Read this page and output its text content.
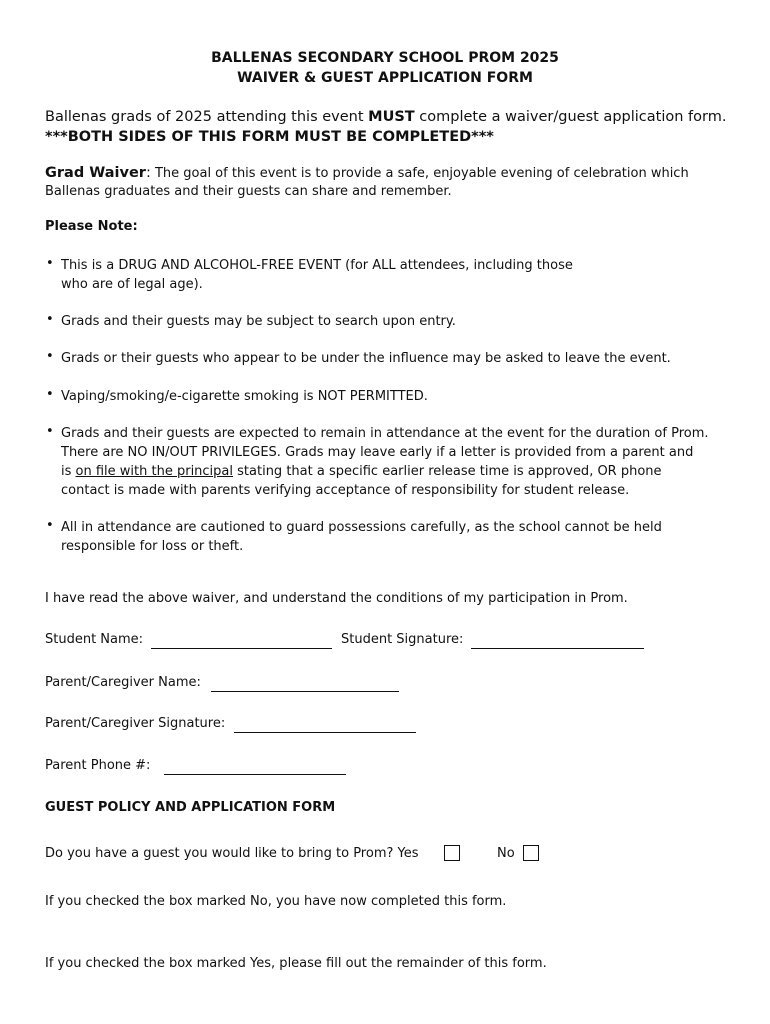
BALLENAS SECONDARY SCHOOL PROM 2025
WAIVER & GUEST APPLICATION FORM
Ballenas grads of 2025 attending this event MUST complete a waiver/guest application form.
***BOTH SIDES OF THIS FORM MUST BE COMPLETED***
Grad Waiver: The goal of this event is to provide a safe, enjoyable evening of celebration which
Ballenas graduates and their guests can share and remember.
Please Note:
• This is a DRUG AND ALCOHOL-FREE EVENT (for ALL attendees, including those
who are of legal age).
• Grads and their guests may be subject to search upon entry.
• Grads or their guests who appear to be under the influence may be asked to leave the event.
• Vaping/smoking/e-cigarette smoking is NOT PERMITTED.
• Grads and their guests are expected to remain in attendance at the event for the duration of Prom.
There are NO IN/OUT PRIVILEGES. Grads may leave early if a letter is provided from a parent and
is on file with the principal stating that a specific earlier release time is approved, OR phone
contact is made with parents verifying acceptance of responsibility for student release.
• All in attendance are cautioned to guard possessions carefully, as the school cannot be held
responsible for loss or theft.
I have read the above waiver, and understand the conditions of my participation in Prom.
Student Name:	Student Signature:
Parent/Caregiver Name:
Parent/Caregiver Signature:
Parent Phone #:
GUEST POLICY AND APPLICATION FORM
Do you have a guest you would like to bring to Prom? Yes	No
If you checked the box marked No, you have now completed this form.
If you checked the box marked Yes, please fill out the remainder of this form.
